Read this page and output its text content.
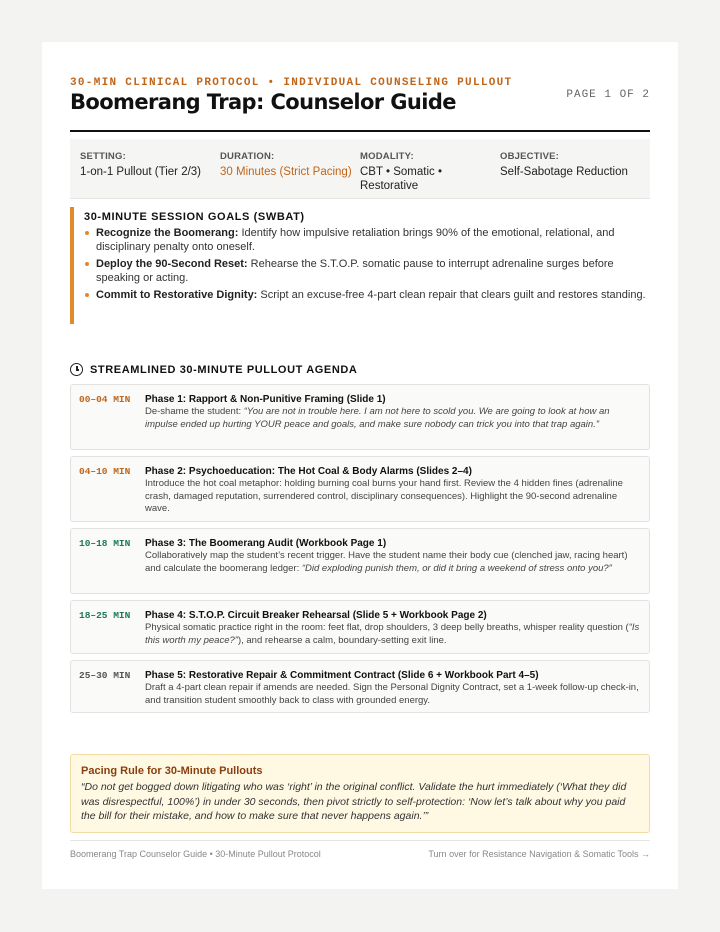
30-MIN CLINICAL PROTOCOL • INDIVIDUAL COUNSELING PULLOUT
PAGE 1 OF 2
Boomerang Trap: Counselor Guide
SETTING:
1-on-1 Pullout (Tier 2/3)
DURATION:
30 Minutes (Strict Pacing)
MODALITY:
CBT • Somatic • Restorative
OBJECTIVE:
Self-Sabotage Reduction
30-MINUTE SESSION GOALS (SWBAT)
Recognize the Boomerang: Identify how impulsive retaliation brings 90% of the emotional, relational, and disciplinary penalty onto oneself.
Deploy the 90-Second Reset: Rehearse the S.T.O.P. somatic pause to interrupt adrenaline surges before speaking or acting.
Commit to Restorative Dignity: Script an excuse-free 4-part clean repair that clears guilt and restores standing.
STREAMLINED 30-MINUTE PULLOUT AGENDA
00–04 MIN Phase 1: Rapport & Non-Punitive Framing (Slide 1)
De-shame the student: “You are not in trouble here. I am not here to scold you. We are going to look at how an impulse ended up hurting YOUR peace and goals, and make sure nobody can trick you into that trap again.”
04–10 MIN Phase 2: Psychoeducation: The Hot Coal & Body Alarms (Slides 2–4)
Introduce the hot coal metaphor: holding burning coal burns your hand first. Review the 4 hidden fines (adrenaline crash, damaged reputation, surrendered control, disciplinary consequences). Highlight the 90-second adrenaline wave.
10–18 MIN Phase 3: The Boomerang Audit (Workbook Page 1)
Collaboratively map the student’s recent trigger. Have the student name their body cue (clenched jaw, racing heart) and calculate the boomerang ledger: “Did exploding punish them, or did it bring a weekend of stress onto you?”
18–25 MIN Phase 4: S.T.O.P. Circuit Breaker Rehearsal (Slide 5 + Workbook Page 2)
Physical somatic practice right in the room: feet flat, drop shoulders, 3 deep belly breaths, whisper reality question (“Is this worth my peace?”), and rehearse a calm, boundary-setting exit line.
25–30 MIN Phase 5: Restorative Repair & Commitment Contract (Slide 6 + Workbook Part 4–5)
Draft a 4-part clean repair if amends are needed. Sign the Personal Dignity Contract, set a 1-week follow-up check-in, and transition student smoothly back to class with grounded energy.
Pacing Rule for 30-Minute Pullouts
“Do not get bogged down litigating who was ‘right’ in the original conflict. Validate the hurt immediately (‘What they did was disrespectful, 100%’) in under 30 seconds, then pivot strictly to self-protection: ‘Now let’s talk about why you paid the bill for their mistake, and how to make sure that never happens again.’”
Boomerang Trap Counselor Guide • 30-Minute Pullout Protocol	Turn over for Resistance Navigation & Somatic Tools →
